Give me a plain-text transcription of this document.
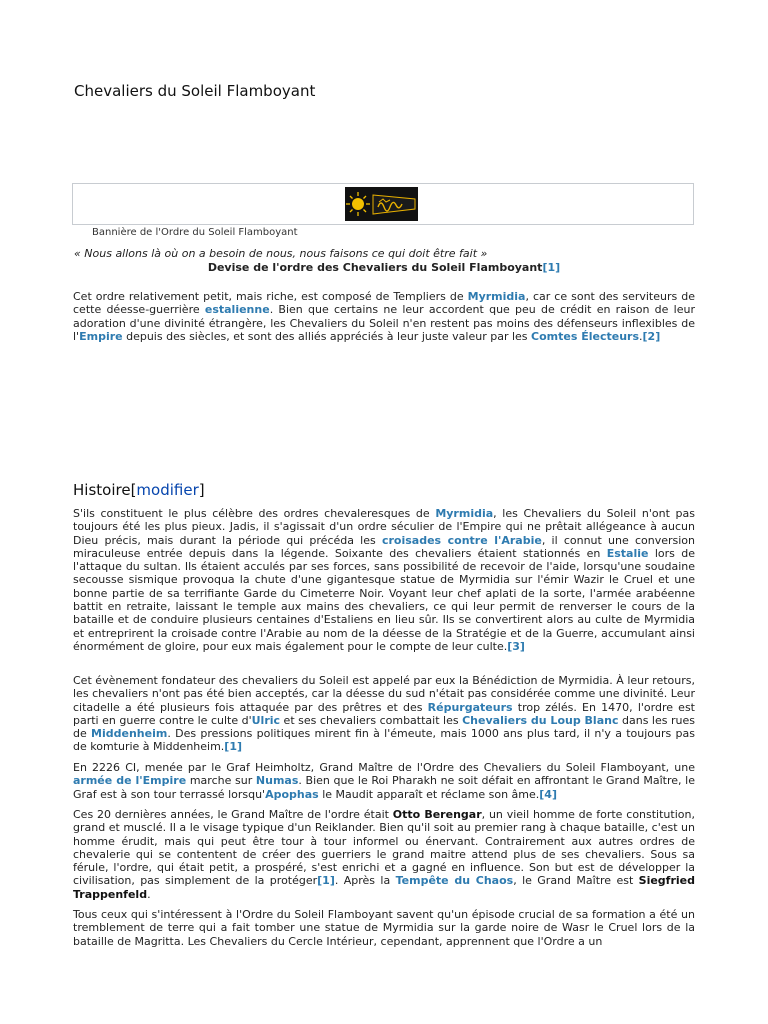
Chevaliers du Soleil Flamboyant
Bannière de l'Ordre du Soleil Flamboyant
« Nous allons là où on a besoin de nous, nous faisons ce qui doit être fait »
Devise de l'ordre des Chevaliers du Soleil Flamboyant[1]

Cet ordre relativement petit, mais riche, est composé de Templiers de Myrmidia, car ce sont des serviteurs de cette déesse-guerrière estalienne. Bien que certains ne leur accordent que peu de crédit en raison de leur adoration d'une divinité étrangère, les Chevaliers du Soleil n'en restent pas moins des défenseurs inflexibles de l'Empire depuis des siècles, et sont des alliés appréciés à leur juste valeur par les Comtes Électeurs.[2]

Histoire[modifier]

S'ils constituent le plus célèbre des ordres chevaleresques de Myrmidia, les Chevaliers du Soleil n'ont pas toujours été les plus pieux. Jadis, il s'agissait d'un ordre séculier de l'Empire qui ne prêtait allégeance à aucun Dieu précis, mais durant la période qui précéda les croisades contre l'Arabie, il connut une conversion miraculeuse entrée depuis dans la légende. Soixante des chevaliers étaient stationnés en Estalie lors de l'attaque du sultan. Ils étaient acculés par ses forces, sans possibilité de recevoir de l'aide, lorsqu'une soudaine secousse sismique provoqua la chute d'une gigantesque statue de Myrmidia sur l'émir Wazir le Cruel et une bonne partie de sa terrifiante Garde du Cimeterre Noir. Voyant leur chef aplati de la sorte, l'armée arabéenne battit en retraite, laissant le temple aux mains des chevaliers, ce qui leur permit de renverser le cours de la bataille et de conduire plusieurs centaines d'Estaliens en lieu sûr. Ils se convertirent alors au culte de Myrmidia et entreprirent la croisade contre l'Arabie au nom de la déesse de la Stratégie et de la Guerre, accumulant ainsi énormément de gloire, pour eux mais également pour le compte de leur culte.[3]

Cet évènement fondateur des chevaliers du Soleil est appelé par eux la Bénédiction de Myrmidia. À leur retours, les chevaliers n'ont pas été bien acceptés, car la déesse du sud n'était pas considérée comme une divinité. Leur citadelle a été plusieurs fois attaquée par des prêtres et des Répurgateurs trop zélés. En 1470, l'ordre est parti en guerre contre le culte d'Ulric et ses chevaliers combattait les Chevaliers du Loup Blanc dans les rues de Middenheim. Des pressions politiques mirent fin à l'émeute, mais 1000 ans plus tard, il n'y a toujours pas de komturie à Middenheim.[1]

En 2226 CI, menée par le Graf Heimholtz, Grand Maître de l'Ordre des Chevaliers du Soleil Flamboyant, une armée de l'Empire marche sur Numas. Bien que le Roi Pharakh ne soit défait en affrontant le Grand Maître, le Graf est à son tour terrassé lorsqu'Apophas le Maudit apparaît et réclame son âme.[4]

Ces 20 dernières années, le Grand Maître de l'ordre était Otto Berengar, un vieil homme de forte constitution, grand et musclé. Il a le visage typique d'un Reiklander. Bien qu'il soit au premier rang à chaque bataille, c'est un homme érudit, mais qui peut être tour à tour informel ou énervant. Contrairement aux autres ordres de chevalerie qui se contentent de créer des guerriers le grand maitre attend plus de ses chevaliers. Sous sa férule, l'ordre, qui était petit, a prospéré, s'est enrichi et a gagné en influence. Son but est de développer la civilisation, pas simplement de la protéger[1]. Après la Tempête du Chaos, le Grand Maître est Siegfried Trappenfeld.

Tous ceux qui s'intéressent à l'Ordre du Soleil Flamboyant savent qu'un épisode crucial de sa formation a été un tremblement de terre qui a fait tomber une statue de Myrmidia sur la garde noire de Wasr le Cruel lors de la bataille de Magritta. Les Chevaliers du Cercle Intérieur, cependant, apprennent que l'Ordre a un
